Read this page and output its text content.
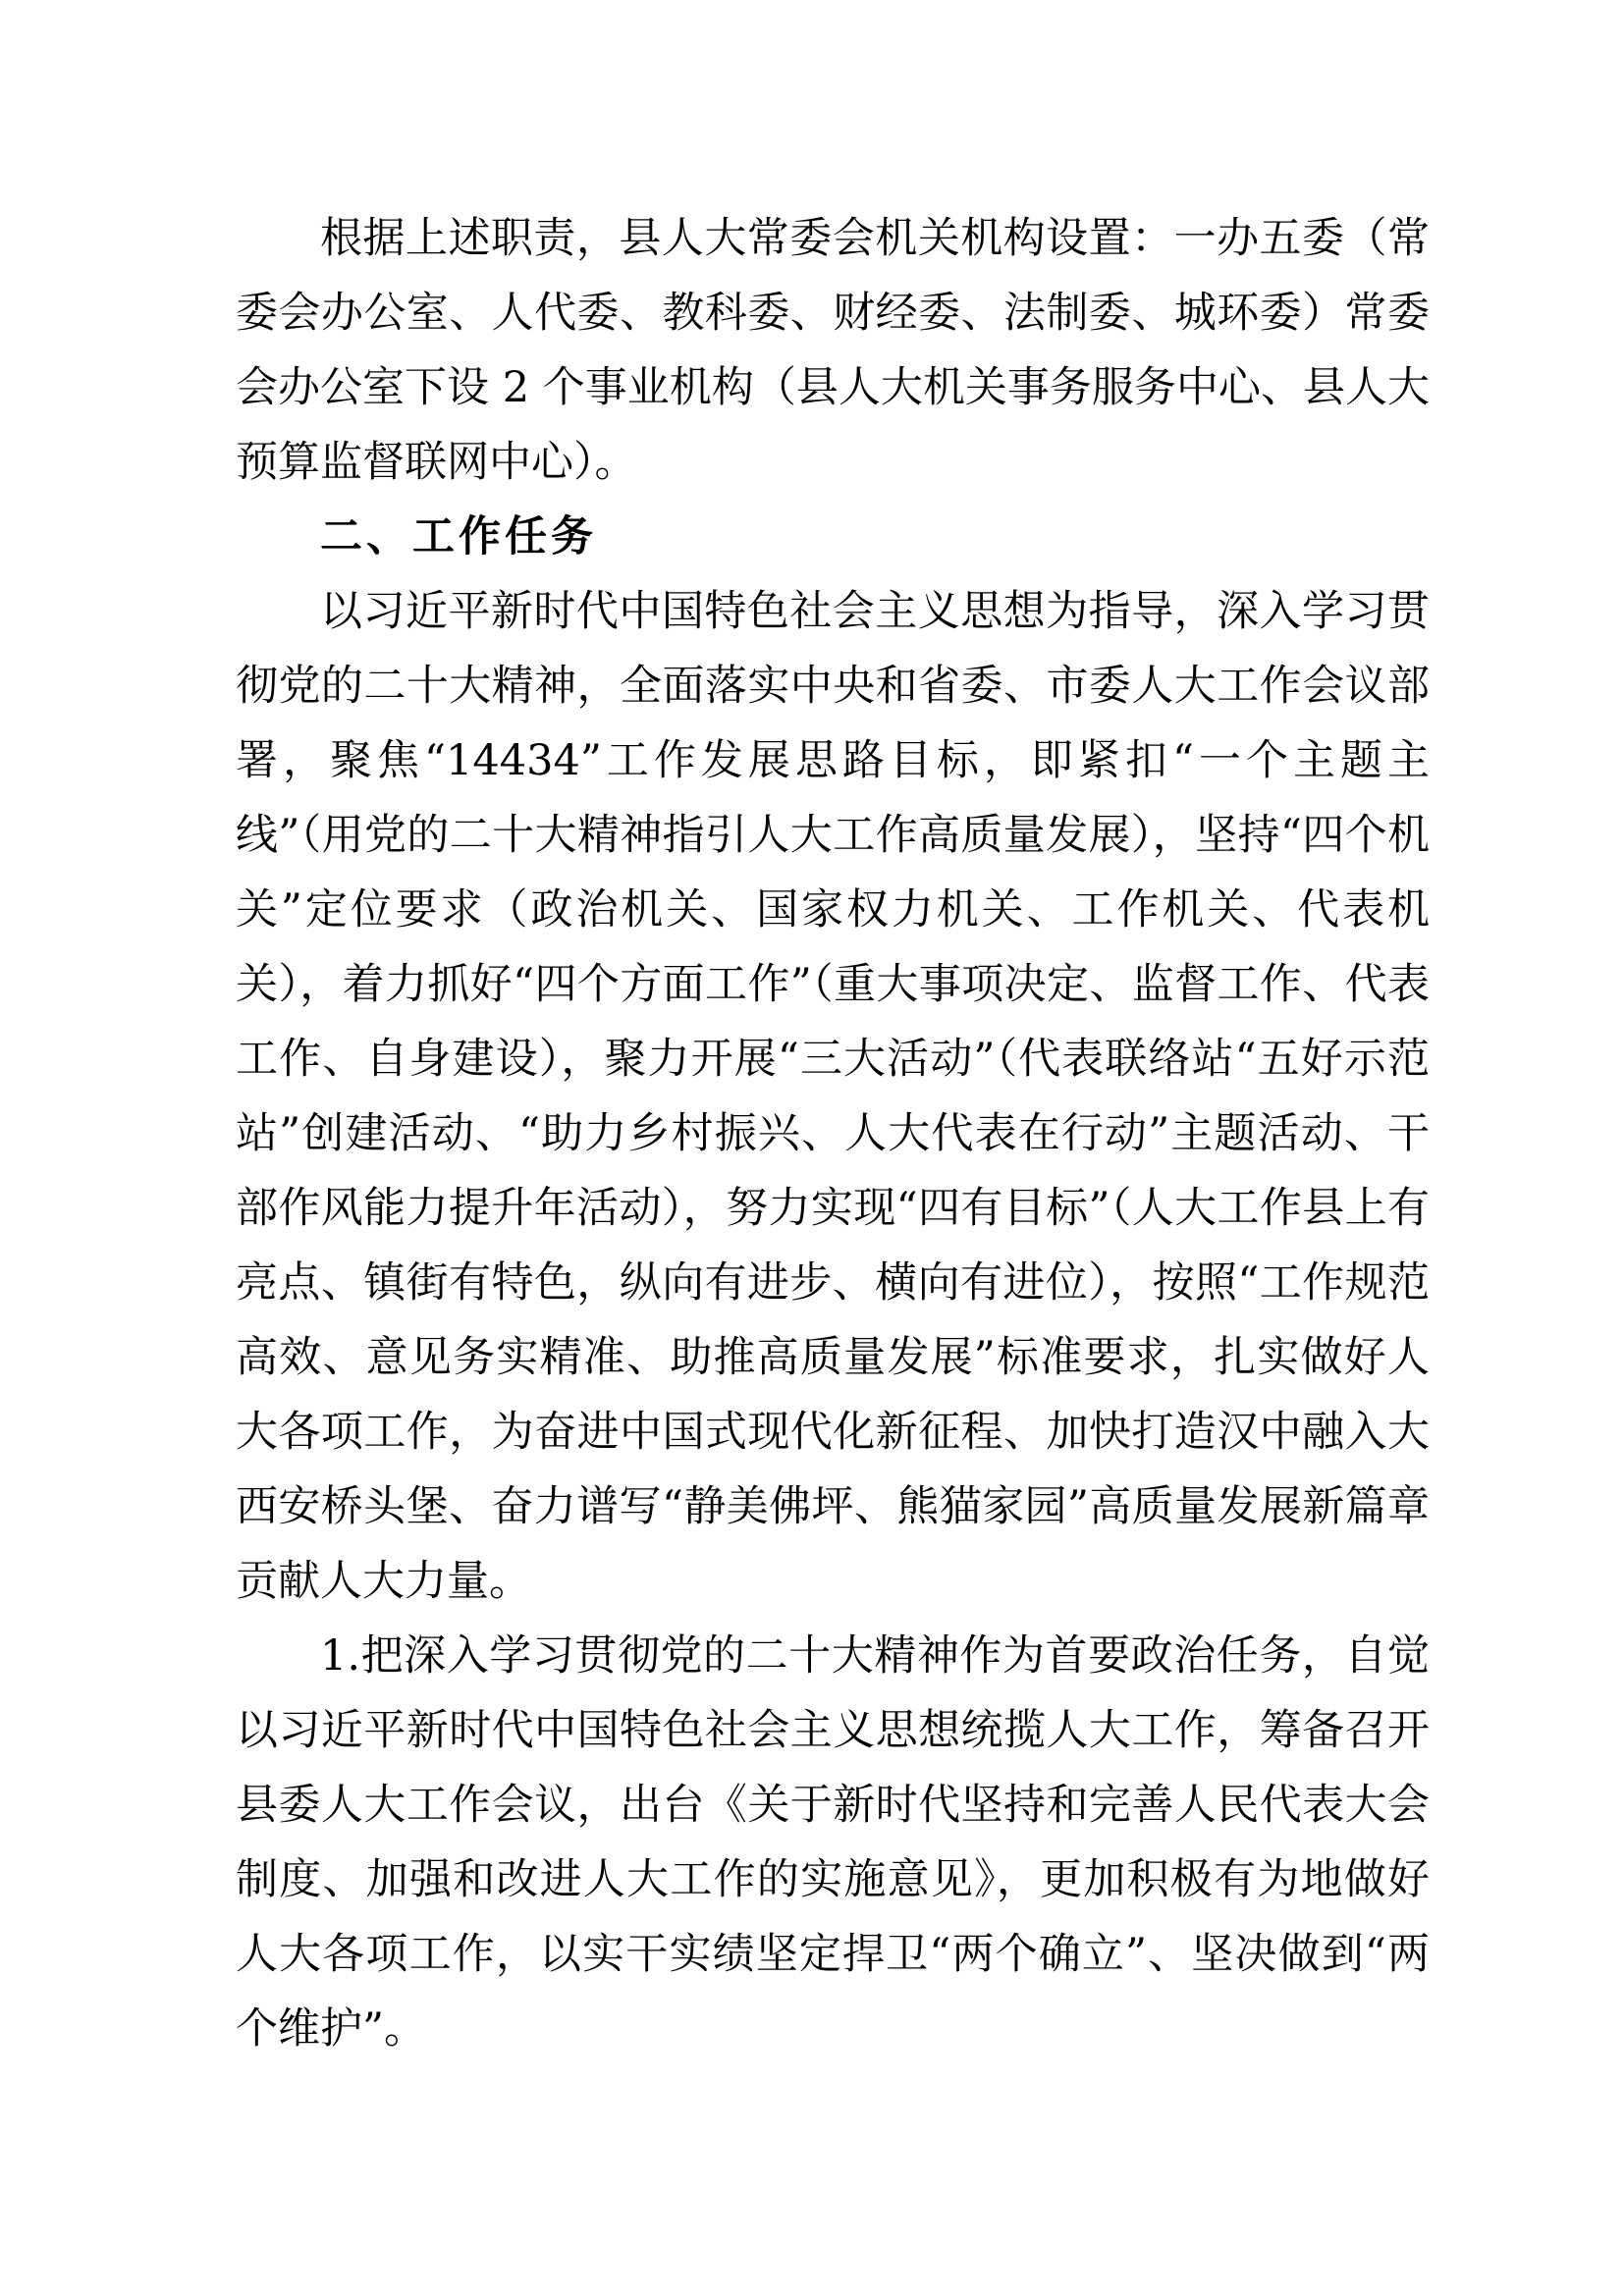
根据上述职责，县人大常委会机关机构设置：一办五委（常委会办公室、人代委、教科委、财经委、法制委、城环委）常委会办公室下设 2 个事业机构（县人大机关事务服务中心、县人大预算监督联网中心）。

二、工作任务

以习近平新时代中国特色社会主义思想为指导，深入学习贯彻党的二十大精神，全面落实中央和省委、市委人大工作会议部署，聚焦“14434”工作发展思路目标，即紧扣“一个主题主线”（用党的二十大精神指引人大工作高质量发展），坚持“四个机关”定位要求（政治机关、国家权力机关、工作机关、代表机关），着力抓好“四个方面工作”（重大事项决定、监督工作、代表工作、自身建设），聚力开展“三大活动”（代表联络站“五好示范站”创建活动、“助力乡村振兴、人大代表在行动”主题活动、干部作风能力提升年活动），努力实现“四有目标”（人大工作县上有亮点、镇街有特色，纵向有进步、横向有进位），按照“工作规范高效、意见务实精准、助推高质量发展”标准要求，扎实做好人大各项工作，为奋进中国式现代化新征程、加快打造汉中融入大西安桥头堡、奋力谱写“静美佛坪、熊猫家园”高质量发展新篇章贡献人大力量。

1.把深入学习贯彻党的二十大精神作为首要政治任务，自觉以习近平新时代中国特色社会主义思想统揽人大工作，筹备召开县委人大工作会议，出台《关于新时代坚持和完善人民代表大会制度、加强和改进人大工作的实施意见》，更加积极有为地做好人大各项工作，以实干实绩坚定捍卫“两个确立”、坚决做到“两个维护”。
